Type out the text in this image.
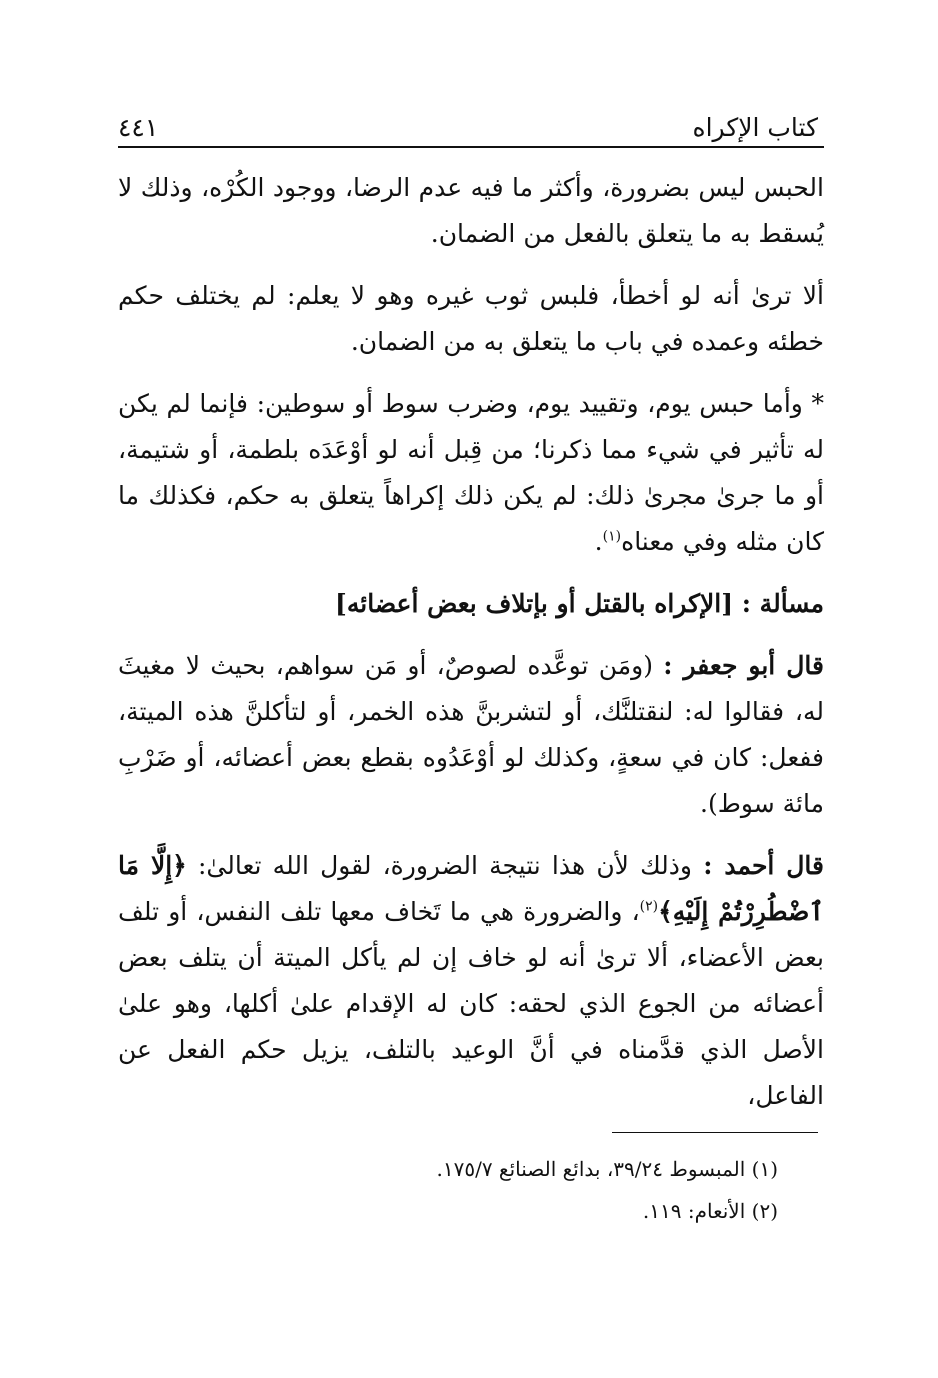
كتاب الإكراه
٤٤١

الحبس ليس بضرورة، وأكثر ما فيه عدم الرضا، ووجود الكُرْه، وذلك لا يُسقط به ما يتعلق بالفعل من الضمان.

ألا ترىٰ أنه لو أخطأ، فلبس ثوب غيره وهو لا يعلم: لم يختلف حكم خطئه وعمده في باب ما يتعلق به من الضمان.

* وأما حبس يوم، وتقييد يوم، وضرب سوط أو سوطين: فإنما لم يكن له تأثير في شيء مما ذكرنا؛ من قِبل أنه لو أوْعَدَه بلطمة، أو شتيمة، أو ما جرىٰ مجرىٰ ذلك: لم يكن ذلك إكراهاً يتعلق به حكم، فكذلك ما كان مثله وفي معناه$^{(١)}$.

مسألة : [الإكراه بالقتل أو بإتلاف بعض أعضائه]

قال أبو جعفر : (ومَن توعَّده لصوصٌ، أو مَن سواهم، بحيث لا مغيثَ له، فقالوا له: لنقتلنَّك، أو لتشربنَّ هذه الخمر، أو لتأكلنَّ هذه الميتة، ففعل: كان في سعةٍ، وكذلك لو أوْعَدُوه بقطع بعض أعضائه، أو ضَرْبِ مائة سوط).

قال أحمد : وذلك لأن هذا نتيجة الضرورة، لقول الله تعالىٰ: ﴿إِلَّا مَا ٱضْطُرِرْتُمْ إِلَيْهِ﴾$^{(٢)}$، والضرورة هي ما تَخاف معها تلف النفس، أو تلف بعض الأعضاء، ألا ترىٰ أنه لو خاف إن لم يأكل الميتة أن يتلف بعض أعضائه من الجوع الذي لحقه: كان له الإقدام علىٰ أكلها، وهو علىٰ الأصل الذي قدَّمناه في أنَّ الوعيد بالتلف، يزيل حكم الفعل عن الفاعل،

(١) المبسوط ٣٩/٢٤، بدائع الصنائع ١٧٥/٧.
(٢) الأنعام: ١١٩.
